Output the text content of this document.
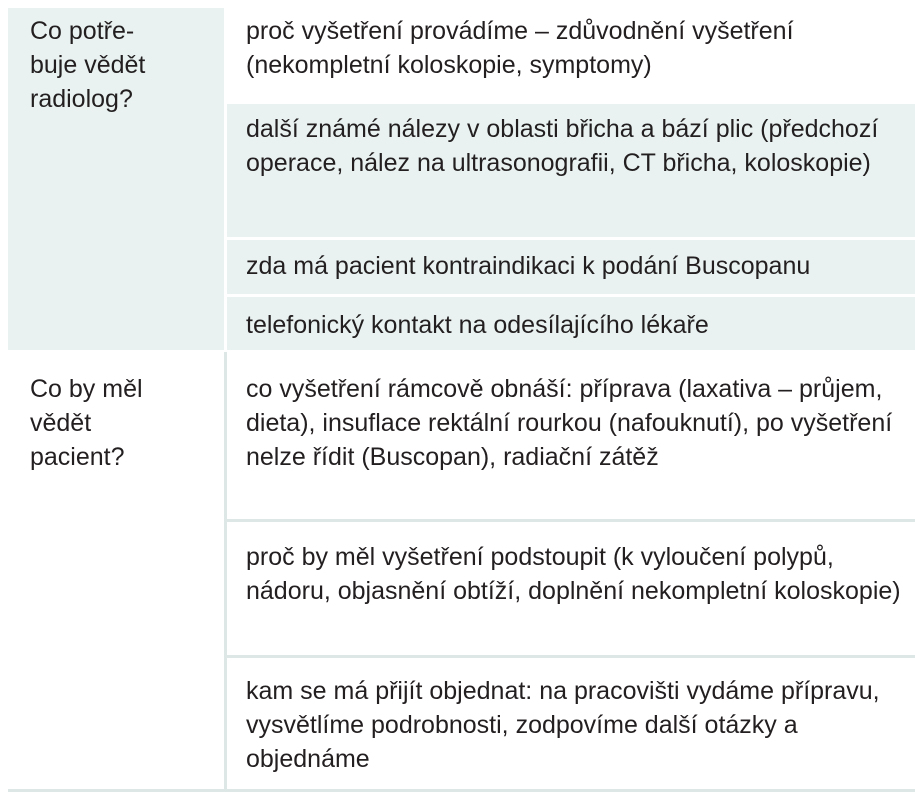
Co potře-
buje vědět
radiolog?
proč vyšetření provádíme – zdůvodnění vyšetření (nekompletní koloskopie, symptomy)
další známé nálezy v oblasti břicha a bází plic (předchozí operace, nález na ultrasonografii, CT břicha, koloskopie)
zda má pacient kontraindikaci k podání Buscopanu
telefonický kontakt na odesílajícího lékaře
Co by měl
vědět
pacient?
co vyšetření rámcově obnáší: příprava (laxativa – průjem, dieta), insuflace rektální rourkou (nafouknutí), po vyšetření nelze řídit (Buscopan), radiační zátěž
proč by měl vyšetření podstoupit (k vyloučení polypů, nádoru, objasnění obtíží, doplnění nekompletní koloskopie)
kam se má přijít objednat: na pracovišti vydáme přípravu, vysvětlíme podrobnosti, zodpovíme další otázky a objednáme
